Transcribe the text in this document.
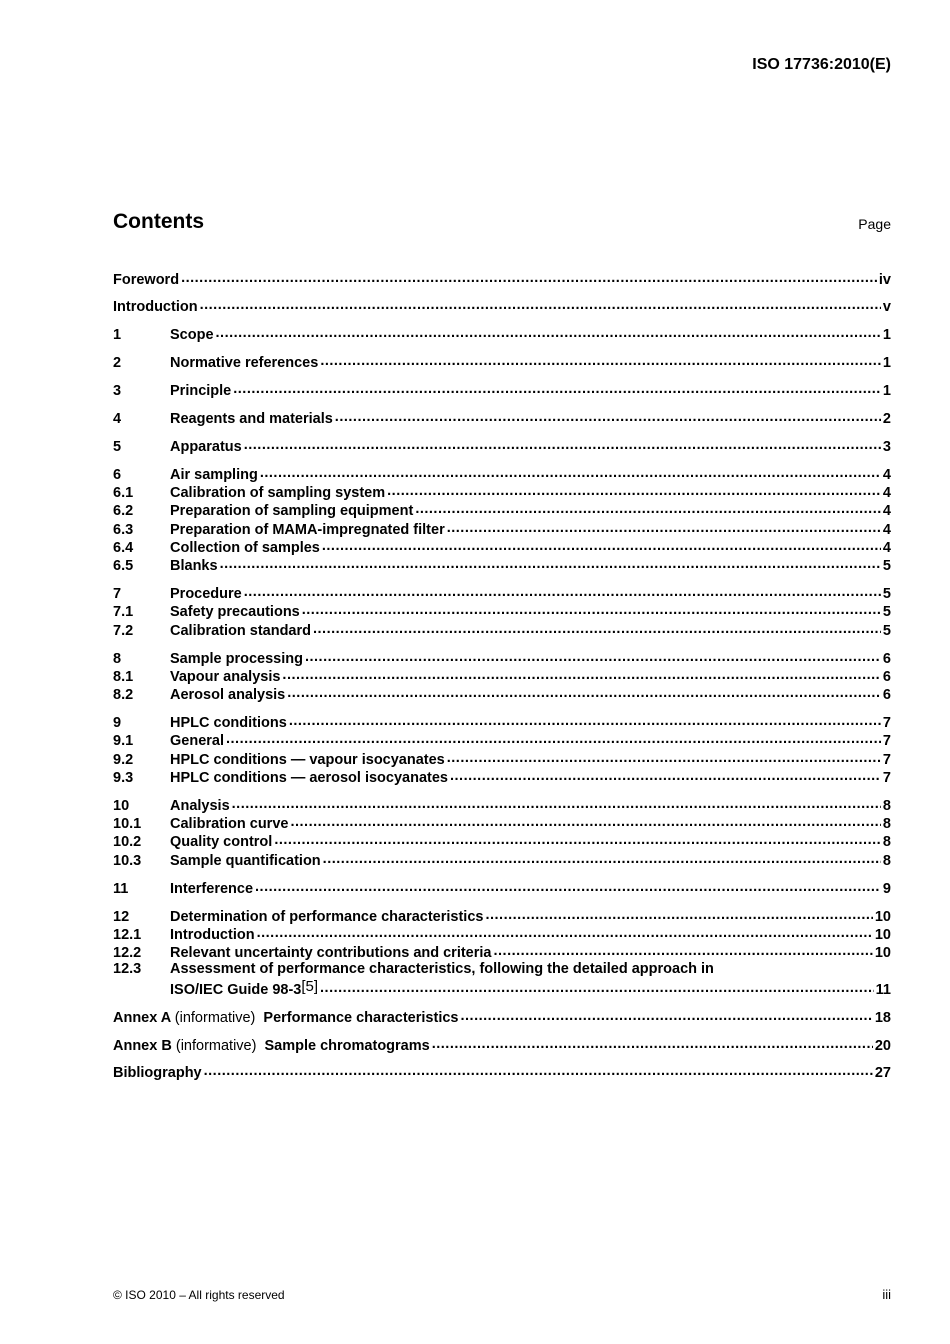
ISO 17736:2010(E)
Contents	Page
Foreword .....	iv
Introduction .....	v
1	Scope .....	1
2	Normative references .....	1
3	Principle .....	1
4	Reagents and materials .....	2
5	Apparatus .....	3
6	Air sampling .....	4
6.1	Calibration of sampling system .....	4
6.2	Preparation of sampling equipment .....	4
6.3	Preparation of MAMA-impregnated filter .....	4
6.4	Collection of samples .....	4
6.5	Blanks .....	5
7	Procedure .....	5
7.1	Safety precautions .....	5
7.2	Calibration standard .....	5
8	Sample processing .....	6
8.1	Vapour analysis .....	6
8.2	Aerosol analysis .....	6
9	HPLC conditions .....	7
9.1	General .....	7
9.2	HPLC conditions — vapour isocyanates .....	7
9.3	HPLC conditions — aerosol isocyanates .....	7
10	Analysis .....	8
10.1	Calibration curve .....	8
10.2	Quality control .....	8
10.3	Sample quantification .....	8
11	Interference .....	9
12	Determination of performance characteristics .....	10
12.1	Introduction .....	10
12.2	Relevant uncertainty contributions and criteria .....	10
12.3	Assessment of performance characteristics, following the detailed approach in
ISO/IEC Guide 98-3[5] .....	11
Annex A (informative) Performance characteristics .....	18
Annex B (informative) Sample chromatograms .....	20
Bibliography .....	27
© ISO 2010 – All rights reserved	iii
